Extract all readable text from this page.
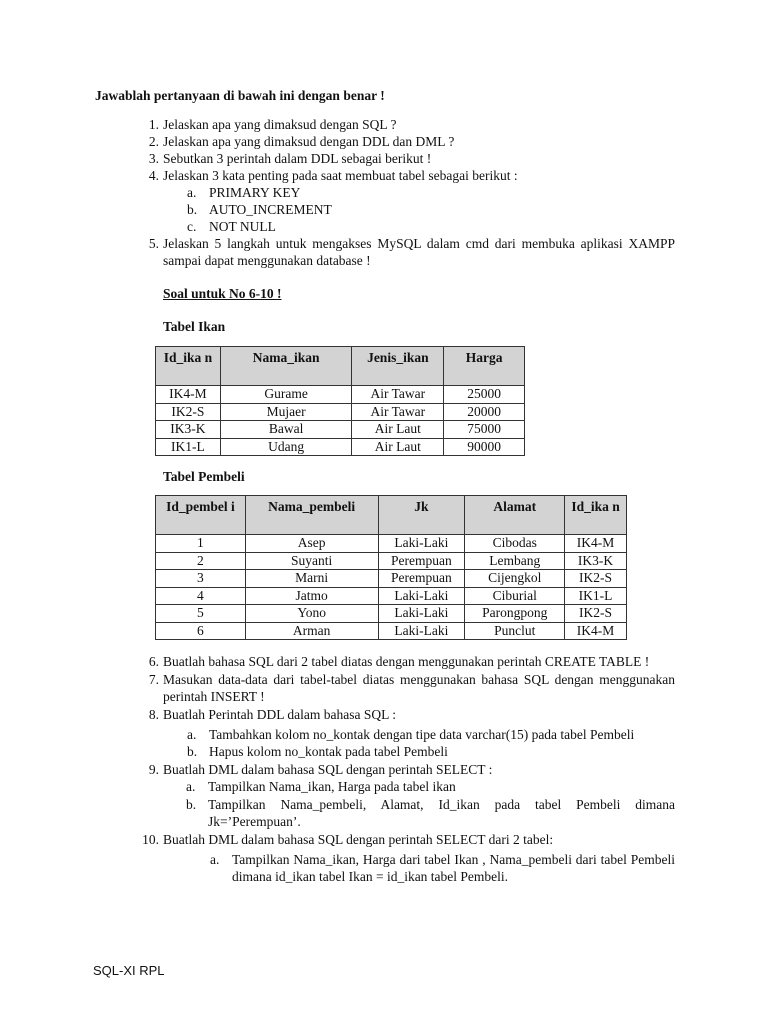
Jawablah pertanyaan di bawah ini dengan benar !
1. Jelaskan apa yang dimaksud dengan SQL ?
2. Jelaskan apa yang dimaksud dengan DDL dan DML ?
3. Sebutkan 3 perintah dalam DDL sebagai berikut !
4. Jelaskan 3 kata penting pada saat membuat tabel sebagai berikut :
a. PRIMARY KEY
b. AUTO_INCREMENT
c. NOT NULL
5. Jelaskan 5 langkah untuk mengakses MySQL dalam cmd dari membuka aplikasi XAMPP sampai dapat menggunakan database !
Soal untuk No 6-10 !
Tabel Ikan
Id_ika n	Nama_ikan	Jenis_ikan	Harga
IK4-M	Gurame	Air Tawar	25000
IK2-S	Mujaer	Air Tawar	20000
IK3-K	Bawal	Air Laut	75000
IK1-L	Udang	Air Laut	90000
Tabel Pembeli
Id_pembel i	Nama_pembeli	Jk	Alamat	Id_ika n
1	Asep	Laki-Laki	Cibodas	IK4-M
2	Suyanti	Perempuan	Lembang	IK3-K
3	Marni	Perempuan	Cijengkol	IK2-S
4	Jatmo	Laki-Laki	Ciburial	IK1-L
5	Yono	Laki-Laki	Parongpong	IK2-S
6	Arman	Laki-Laki	Punclut	IK4-M
6. Buatlah bahasa SQL dari 2 tabel diatas dengan menggunakan perintah CREATE TABLE !
7. Masukan data-data dari tabel-tabel diatas menggunakan bahasa SQL dengan menggunakan perintah INSERT !
8. Buatlah Perintah DDL dalam bahasa SQL :
a. Tambahkan kolom no_kontak dengan tipe data varchar(15) pada tabel Pembeli
b. Hapus kolom no_kontak pada tabel Pembeli
9. Buatlah DML dalam bahasa SQL dengan perintah SELECT :
a. Tampilkan Nama_ikan, Harga pada tabel ikan
b. Tampilkan Nama_pembeli, Alamat, Id_ikan pada tabel Pembeli dimana Jk=’Perempuan’.
10. Buatlah DML dalam bahasa SQL dengan perintah SELECT dari 2 tabel:
a. Tampilkan Nama_ikan, Harga dari tabel Ikan , Nama_pembeli dari tabel Pembeli dimana id_ikan tabel Ikan = id_ikan tabel Pembeli.
SQL-XI RPL
